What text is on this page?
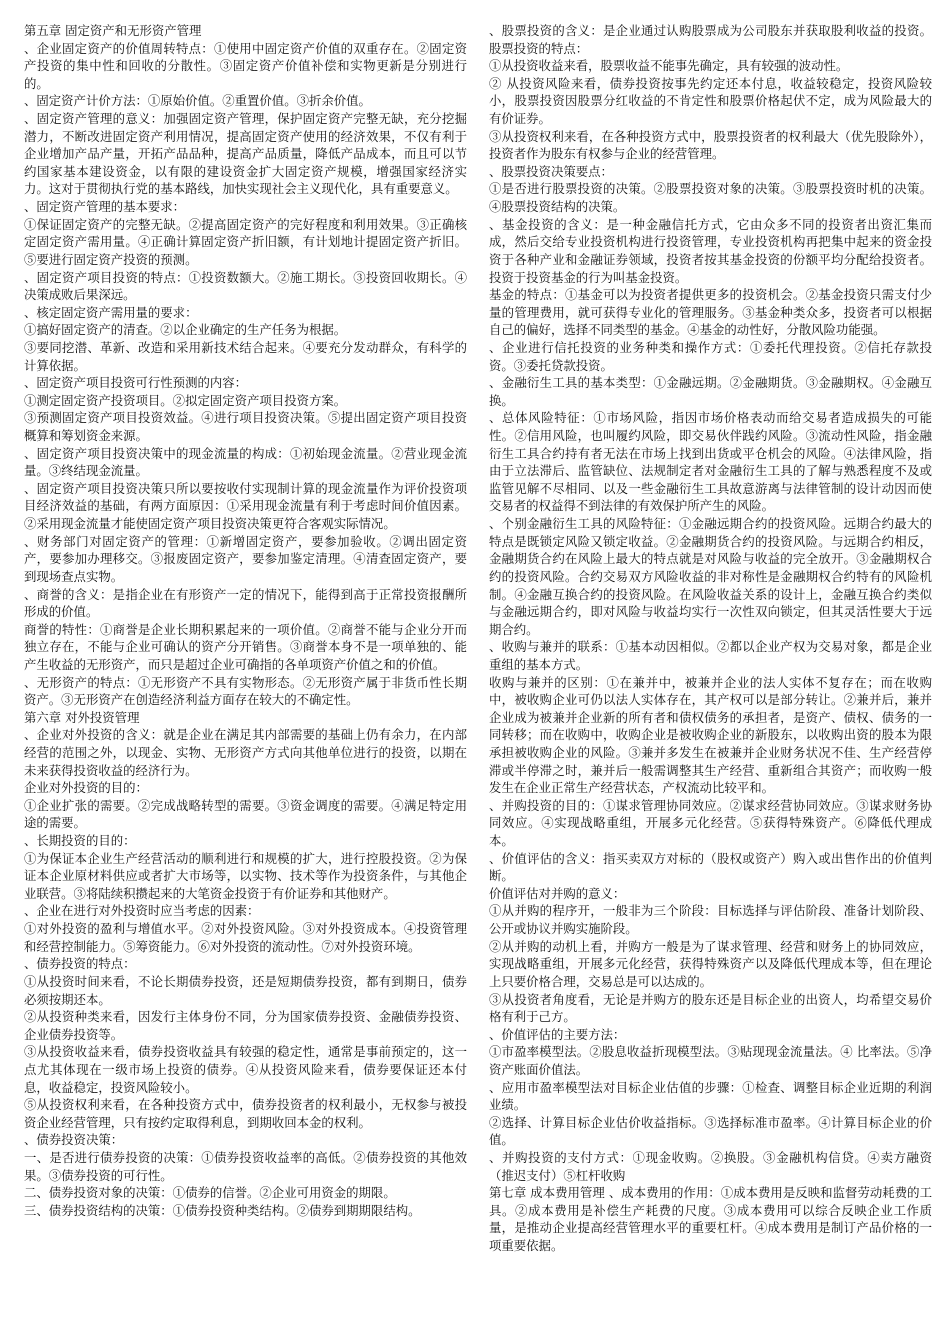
第五章 固定资产和无形资产管理

、企业固定资产的价值周转特点：①使用中固定资产价值的双重存在。②固定资产投资的集中性和回收的分散性。③固定资产价值补偿和实物更新是分别进行的。

、固定资产计价方法：①原始价值。②重置价值。③折余价值。

、固定资产管理的意义：加强固定资产管理，保护固定资产完整无缺，充分挖掘潜力，不断改进固定资产利用情况，提高固定资产使用的经济效果，不仅有利于企业增加产品产量，开拓产品品种，提高产品质量，降低产品成本，而且可以节约国家基本建设资金，以有限的建设资金扩大固定资产规模，增强国家经济实力。这对于贯彻执行党的基本路线，加快实现社会主义现代化，具有重要意义。

、固定资产管理的基本要求：

①保证固定资产的完整无缺。②提高固定资产的完好程度和利用效果。③正确核定固定资产需用量。④正确计算固定资产折旧额，有计划地计提固定资产折旧。⑤要进行固定资产投资的预测。

、固定资产项目投资的特点：①投资数额大。②施工期长。③投资回收期长。④决策成败后果深远。

、核定固定资产需用量的要求：

①搞好固定资产的清查。②以企业确定的生产任务为根据。

③要同挖潜、革新、改造和采用新技术结合起来。④要充分发动群众，有科学的计算依据。

、固定资产项目投资可行性预测的内容：

①测定固定资产投资项目。②拟定固定资产项目投资方案。

③预测固定资产项目投资效益。④进行项目投资决策。⑤提出固定资产项目投资概算和筹划资金来源。

、固定资产项目投资决策中的现金流量的构成：①初始现金流量。②营业现金流量。③终结现金流量。

、固定资产项目投资决策只所以要按收付实现制计算的现金流量作为评价投资项目经济效益的基础，有两方面原因：①采用现金流量有利于考虑时间价值因素。②采用现金流量才能使固定资产项目投资决策更符合客观实际情况。

、财务部门对固定资产的管理：①新增固定资产，要参加验收。②调出固定资产，要参加办理移交。③报废固定资产，要参加鉴定清理。④清查固定资产，要到现场查点实物。

、商誉的含义：是指企业在有形资产一定的情况下，能得到高于正常投资报酬所形成的价值。

商誉的特性：①商誉是企业长期积累起来的一项价值。②商誉不能与企业分开而独立存在，不能与企业可确认的资产分开销售。③商誉本身不是一项单独的、能产生收益的无形资产，而只是超过企业可确指的各单项资产价值之和的价值。

、无形资产的特点：①无形资产不具有实物形态。②无形资产属于非货币性长期资产。③无形资产在创造经济利益方面存在较大的不确定性。

第六章 对外投资管理

、企业对外投资的含义：就是企业在满足其内部需要的基础上仍有余力，在内部经营的范围之外，以现金、实物、无形资产方式向其他单位进行的投资，以期在未来获得投资收益的经济行为。

企业对外投资的目的：

①企业扩张的需要。②完成战略转型的需要。③资金调度的需要。④满足特定用途的需要。

、长期投资的目的：

①为保证本企业生产经营活动的顺利进行和规模的扩大，进行控股投资。②为保证本企业原材料供应或者扩大市场等，以实物、技术等作为投资条件，与其他企业联营。③将陆续积攒起来的大笔资金投资于有价证券和其他财产。

、企业在进行对外投资时应当考虑的因素：

①对外投资的盈利与增值水平。②对外投资风险。③对外投资成本。④投资管理和经营控制能力。⑤筹资能力。⑥对外投资的流动性。⑦对外投资环境。

、债券投资的特点：

①从投资时间来看，不论长期债券投资，还是短期债券投资，都有到期日，债券必须按期还本。

②从投资种类来看，因发行主体身份不同，分为国家债券投资、金融债券投资、企业债券投资等。

③从投资收益来看，债券投资收益具有较强的稳定性，通常是事前预定的，这一点尤其体现在一级市场上投资的债券。④从投资风险来看，债券要保证还本付息，收益稳定，投资风险较小。

⑤从投资权利来看，在各种投资方式中，债券投资者的权利最小，无权参与被投资企业经营管理，只有按约定取得利息，到期收回本金的权利。

、债券投资决策：

一、是否进行债券投资的决策：①债券投资收益率的高低。②债券投资的其他效果。③债券投资的可行性。

二、债券投资对象的决策：①债券的信誉。②企业可用资金的期限。

三、债券投资结构的决策：①债券投资种类结构。②债券到期期限结构。

、股票投资的含义：是企业通过认购股票成为公司股东并获取股利收益的投资。股票投资的特点：

①从投资收益来看，股票收益不能事先确定，具有较强的波动性。

② 从投资风险来看，债券投资按事先约定还本付息，收益较稳定，投资风险较小，股票投资因股票分红收益的不肯定性和股票价格起伏不定，成为风险最大的有价证券。

③从投资权利来看，在各种投资方式中，股票投资者的权利最大（优先股除外），投资者作为股东有权参与企业的经营管理。

、股票投资决策要点：

①是否进行股票投资的决策。②股票投资对象的决策。③股票投资时机的决策。④股票投资结构的决策。

、基金投资的含义：是一种金融信托方式，它由众多不同的投资者出资汇集而成，然后交给专业投资机构进行投资管理，专业投资机构再把集中起来的资金投资于各种产业和金融证券领域，投资者按其基金投资的份额平均分配给投资者。投资于投资基金的行为叫基金投资。

基金的特点：①基金可以为投资者提供更多的投资机会。②基金投资只需支付少量的管理费用，就可获得专业化的管理服务。③基金种类众多，投资者可以根据自己的偏好，选择不同类型的基金。④基金的动性好，分散风险功能强。

、企业进行信托投资的业务种类和操作方式：①委托代理投资。②信托存款投资。③委托贷款投资。

、金融衍生工具的基本类型：①金融远期。②金融期货。③金融期权。④金融互换。

、总体风险特征：①市场风险，指因市场价格表动而给交易者造成损失的可能性。②信用风险，也叫履约风险，即交易伙伴践约风险。③流动性风险，指金融衍生工具合约持有者无法在市场上找到出货或平仓机会的风险。④法律风险，指由于立法滞后、监管缺位、法规制定者对金融衍生工具的了解与熟悉程度不及或监管见解不尽相同、以及一些金融衍生工具故意游离与法律管制的设计动因而使交易者的权益得不到法律的有效保护所产生的风险。

、个别金融衍生工具的风险特征：①金融远期合约的投资风险。远期合约最大的特点是既锁定风险又锁定收益。②金融期货合约的投资风险。与远期合约相反，金融期货合约在风险上最大的特点就是对风险与收益的完全放开。③金融期权合约的投资风险。合约交易双方风险收益的非对称性是金融期权合约特有的风险机制。④金融互换合约的投资风险。在风险收益关系的设计上，金融互换合约类似与金融远期合约，即对风险与收益均实行一次性双向锁定，但其灵活性要大于远期合约。

、收购与兼并的联系：①基本动因相似。②都以企业产权为交易对象，都是企业重组的基本方式。

收购与兼并的区别：①在兼并中，被兼并企业的法人实体不复存在；而在收购中，被收购企业可仍以法人实体存在，其产权可以是部分转让。②兼并后，兼并企业成为被兼并企业新的所有者和债权债务的承担者，是资产、债权、债务的一同转移；而在收购中，收购企业是被收购企业的新股东，以收购出资的股本为限承担被收购企业的风险。③兼并多发生在被兼并企业财务状况不佳、生产经营停滞或半停滞之时，兼并后一般需调整其生产经营、重新组合其资产；而收购一般发生在企业正常生产经营状态，产权流动比较平和。

、并购投资的目的：①谋求管理协同效应。②谋求经营协同效应。③谋求财务协同效应。④实现战略重组，开展多元化经营。⑤获得特殊资产。⑥降低代理成本。

、价值评估的含义：指买卖双方对标的（股权或资产）购入或出售作出的价值判断。

价值评估对并购的意义：

①从并购的程序开，一般非为三个阶段：目标选择与评估阶段、准备计划阶段、公开或协议并购实施阶段。

②从并购的动机上看，并购方一般是为了谋求管理、经营和财务上的协同效应，实现战略重组，开展多元化经营，获得特殊资产以及降低代理成本等，但在理论上只要价格合理，交易总是可以达成的。

③从投资者角度看，无论是并购方的股东还是目标企业的出资人，均希望交易价格有利于己方。

、价值评估的主要方法：

①市盈率模型法。②股息收益折现模型法。③贴现现金流量法。④ 比率法。⑤净资产账面价值法。

、应用市盈率模型法对目标企业估值的步骤：①检查、调整目标企业近期的利润业绩。

②选择、计算目标企业估价收益指标。③选择标准市盈率。④计算目标企业的价值。

、并购投资的支付方式：①现金收购。②换股。③金融机构信贷。④卖方融资（推迟支付）⑤杠杆收购

第七章 成本费用管理 、成本费用的作用：①成本费用是反映和监督劳动耗费的工具。②成本费用是补偿生产耗费的尺度。③成本费用可以综合反映企业工作质量，是推动企业提高经营管理水平的重要杠杆。④成本费用是制订产品价格的一项重要依据。
